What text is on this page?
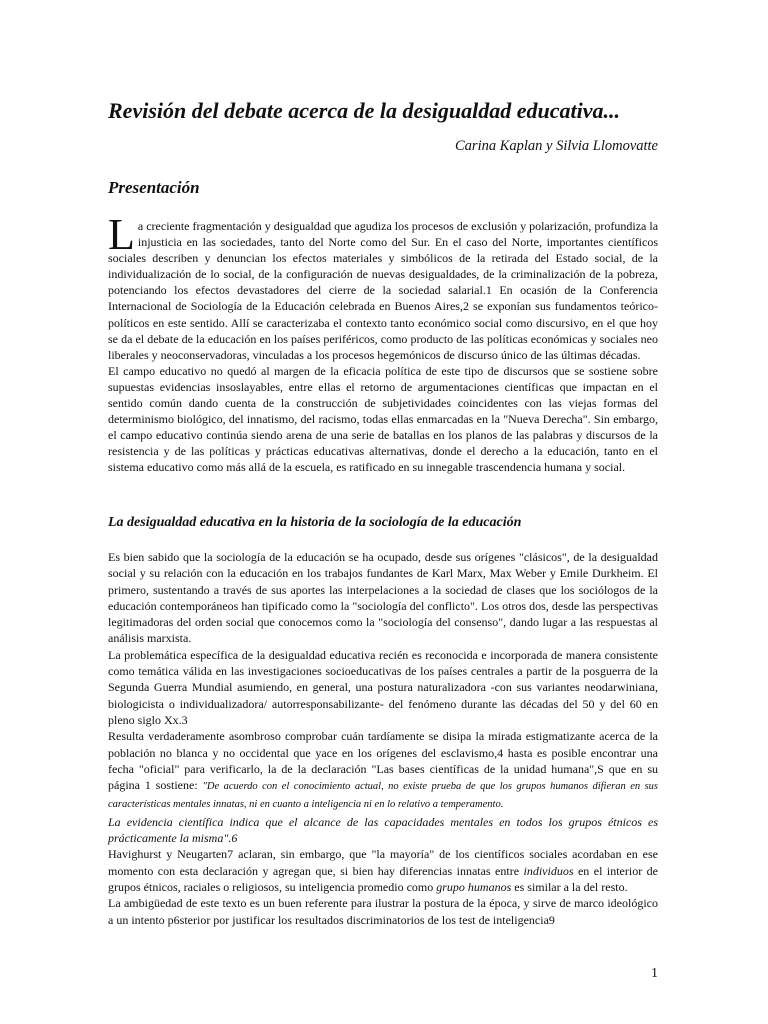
Revisión del debate acerca de la desigualdad educativa...

Carina Kaplan y Silvia Llomovatte

Presentación

La creciente fragmentación y desigualdad que agudiza los procesos de exclusión y polarización, profundiza la injusticia en las sociedades, tanto del Norte como del Sur. En el caso del Norte, importantes científicos sociales describen y denuncian los efectos materiales y simbólicos de la retirada del Estado social, de la individualización de lo social, de la configuración de nuevas desigualdades, de la criminalización de la pobreza, potenciando los efectos devastadores del cierre de la sociedad salarial.1 En ocasión de la Conferencia Internacional de Sociología de la Educación celebrada en Buenos Aires,2 se exponían sus fundamentos teórico-políticos en este sentido. Allí se caracterizaba el contexto tanto económico social como discursivo, en el que hoy se da el debate de la educación en los países periféricos, como producto de las políticas económicas y sociales neo liberales y neoconservadoras, vinculadas a los procesos hegemónicos de discurso único de las últimas décadas.

El campo educativo no quedó al margen de la eficacia política de este tipo de discursos que se sostiene sobre supuestas evidencias insoslayables, entre ellas el retorno de argumentaciones científicas que impactan en el sentido común dando cuenta de la construcción de subjetividades coincidentes con las viejas formas del determinismo biológico, del innatismo, del racismo, todas ellas enmarcadas en la "Nueva Derecha". Sin embargo, el campo educativo continúa siendo arena de una serie de batallas en los planos de las palabras y discursos de la resistencia y de las políticas y prácticas educativas alternativas, donde el derecho a la educación, tanto en el sistema educativo como más allá de la escuela, es ratificado en su innegable trascendencia humana y social.

La desigualdad educativa en la historia de la sociología de la educación

Es bien sabido que la sociología de la educación se ha ocupado, desde sus orígenes "clásicos", de la desigualdad social y su relación con la educación en los trabajos fundantes de Karl Marx, Max Weber y Emile Durkheim. El primero, sustentando a través de sus aportes las interpelaciones a la sociedad de clases que los sociólogos de la educación contemporáneos han tipificado como la "sociología del conflicto". Los otros dos, desde las perspectivas legitimadoras del orden social que conocemos como la "sociología del consenso", dando lugar a las respuestas al análisis marxista.

La problemática específica de la desigualdad educativa recién es reconocida e incorporada de manera consistente como temática válida en las investigaciones socioeducativas de los países centrales a partir de la posguerra de la Segunda Guerra Mundial asumiendo, en general, una postura naturalizadora -con sus variantes neodarwiniana, biologicista o individualizadora/ autorresponsabilizante- del fenómeno durante las décadas del 50 y del 60 en pleno siglo Xx.3

Resulta verdaderamente asombroso comprobar cuán tardíamente se disipa la mirada estigmatizante acerca de la población no blanca y no occidental que yace en los orígenes del esclavismo,4 hasta es posible encontrar una fecha "oficial" para verificarlo, la de la declaración "Las bases científicas de la unidad humana",S que en su página 1 sostiene: "De acuerdo con el conocimiento actual, no existe prueba de que los grupos humanos difieran en sus características mentales innatas, ni en cuanto a inteligencia ni en lo relativo a temperamento.

La evidencia científica indica que el alcance de las capacidades mentales en todos los grupos étnicos es prácticamente la misma".6

Havighurst y Neugarten7 aclaran, sin embargo, que "la mayoría" de los científicos sociales acordaban en ese momento con esta declaración y agregan que, si bien hay diferencias innatas entre individuos en el interior de grupos étnicos, raciales o religiosos, su inteligencia promedio como grupo humanos es similar a la del resto.

La ambigüedad de este texto es un buen referente para ilustrar la postura de la época, y sirve de marco ideológico a un intento p6sterior por justificar los resultados discriminatorios de los test de inteligencia9

1
